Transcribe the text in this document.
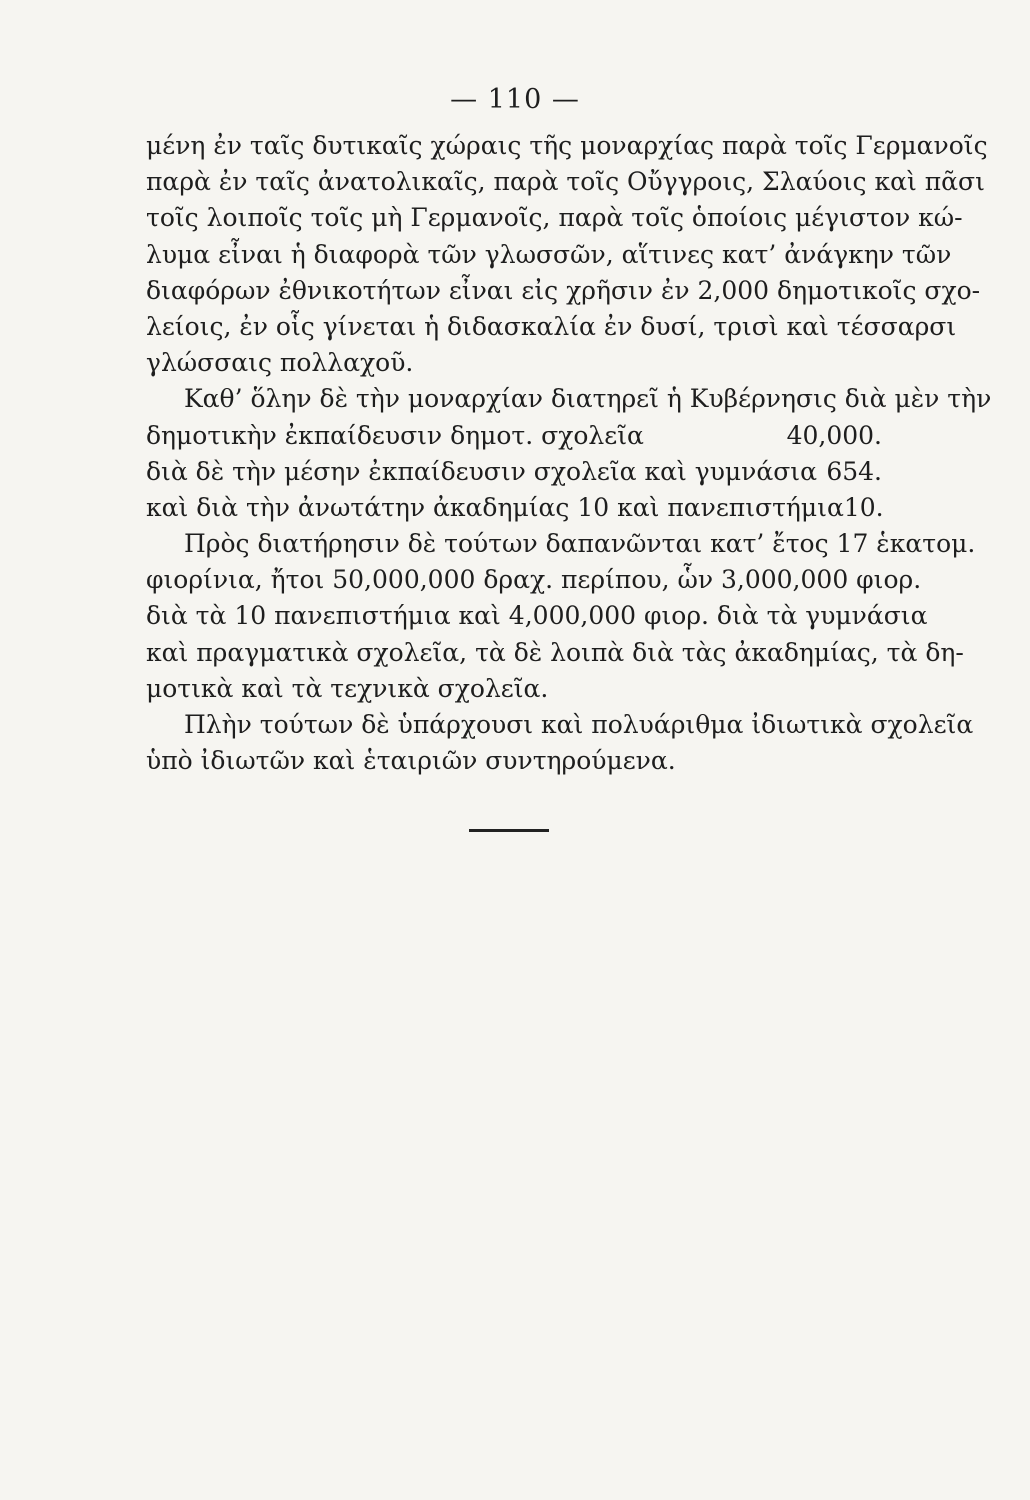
— 110 —
μένη ἐν ταῖς δυτικαῖς χώραις τῆς μοναρχίας παρὰ τοῖς Γερμανοῖς
παρὰ ἐν ταῖς ἀνατολικαῖς, παρὰ τοῖς Οὔγγροις, Σλαύοις καὶ πᾶσι
τοῖς λοιποῖς τοῖς μὴ Γερμανοῖς, παρὰ τοῖς ὁποίοις μέγιστον κώ-
λυμα εἶναι ἡ διαφορὰ τῶν γλωσσῶν, αἵτινες κατ’ ἀνάγκην τῶν
διαφόρων ἐθνικοτήτων εἶναι εἰς χρῆσιν ἐν 2,000 δημοτικοῖς σχο-
λείοις, ἐν οἷς γίνεται ἡ διδασκαλία ἐν δυσί, τρισὶ καὶ τέσσαρσι
γλώσσαις πολλαχοῦ.
Καθ’ ὅλην δὲ τὴν μοναρχίαν διατηρεῖ ἡ Κυβέρνησις διὰ μὲν τὴν
δημοτικὴν ἐκπαίδευσιν δημοτ. σχολεῖα	40,000.
διὰ δὲ τὴν μέσην ἐκπαίδευσιν σχολεῖα καὶ γυμνάσια 654.
καὶ διὰ τὴν ἀνωτάτην ἀκαδημίας 10 καὶ πανεπιστήμια 10.
Πρὸς διατήρησιν δὲ τούτων δαπανῶνται κατ’ ἔτος 17 ἑκατομ.
φιορίνια, ἤτοι 50,000,000 δραχ. περίπου, ὧν 3,000,000 φιορ.
διὰ τὰ 10 πανεπιστήμια καὶ 4,000,000 φιορ. διὰ τὰ γυμνάσια
καὶ πραγματικὰ σχολεῖα, τὰ δὲ λοιπὰ διὰ τὰς ἀκαδημίας, τὰ δη-
μοτικὰ καὶ τὰ τεχνικὰ σχολεῖα.
Πλὴν τούτων δὲ ὑπάρχουσι καὶ πολυάριθμα ἰδιωτικὰ σχολεῖα
ὑπὸ ἰδιωτῶν καὶ ἑταιριῶν συντηρούμενα.
